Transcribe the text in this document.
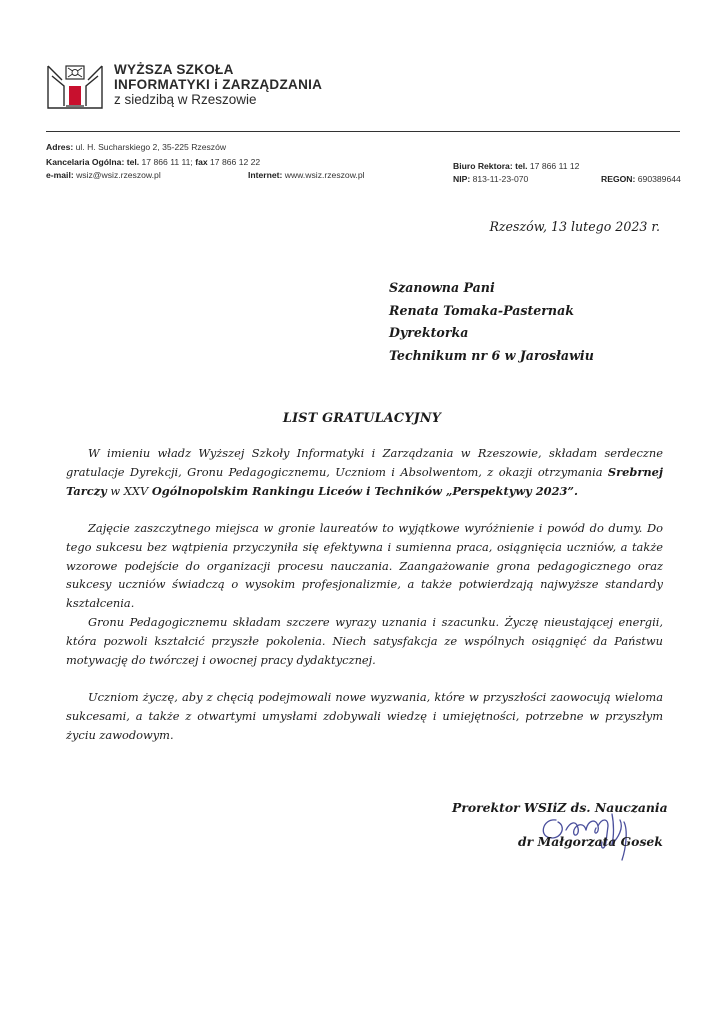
WYŻSZA SZKOŁA
INFORMATYKI i ZARZĄDZANIA
z siedzibą w Rzeszowie
Adres: ul. H. Sucharskiego 2, 35-225 Rzeszów
Kancelaria Ogólna: tel. 17 866 11 11; fax 17 866 12 22
e-mail: wsiz@wsiz.rzeszow.pl	Internet: www.wsiz.rzeszow.pl
Biuro Rektora: tel. 17 866 11 12
NIP: 813-11-23-070	REGON: 690389644
Rzeszów, 13 lutego 2023 r.
Szanowna Pani
Renata Tomaka-Pasternak
Dyrektorka
Technikum nr 6 w Jarosławiu
LIST GRATULACYJNY
W imieniu władz Wyższej Szkoły Informatyki i Zarządzania w Rzeszowie, składam serdeczne gratulacje Dyrekcji, Gronu Pedagogicznemu, Uczniom i Absolwentom, z okazji otrzymania Srebrnej Tarczy w XXV Ogólnopolskim Rankingu Liceów i Techników „Perspektywy 2023”.
Zajęcie zaszczytnego miejsca w gronie laureatów to wyjątkowe wyróżnienie i powód do dumy. Do tego sukcesu bez wątpienia przyczyniła się efektywna i sumienna praca, osiągnięcia uczniów, a także wzorowe podejście do organizacji procesu nauczania. Zaangażowanie grona pedagogicznego oraz sukcesy uczniów świadczą o wysokim profesjonalizmie, a także potwierdzają najwyższe standardy kształcenia.
Gronu Pedagogicznemu składam szczere wyrazy uznania i szacunku. Życzę nieustającej energii, która pozwoli kształcić przyszłe pokolenia. Niech satysfakcja ze wspólnych osiągnięć da Państwu motywację do twórczej i owocnej pracy dydaktycznej.
Uczniom życzę, aby z chęcią podejmowali nowe wyzwania, które w przyszłości zaowocują wieloma sukcesami, a także z otwartymi umysłami zdobywali wiedzę i umiejętności, potrzebne w przyszłym życiu zawodowym.
Prorektor WSIiZ ds. Nauczania
dr Małgorzata Gosek
